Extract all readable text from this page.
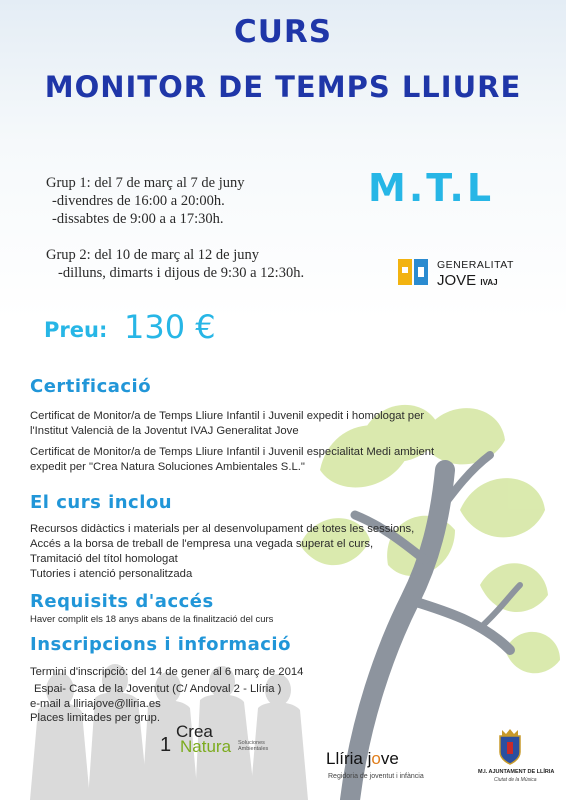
CURS
MONITOR DE TEMPS LLIURE
Grup 1: del 7 de març al 7 de juny
-divendres de 16:00 a 20:00h.
-dissabtes de 9:00 a a 17:30h.
Grup 2: del 10 de març al 12 de juny
-dilluns, dimarts i dijous de 9:30 a 12:30h.
M.T.L
GENERALITAT
JOVE IVAJ
Preu: 130 €
Certificació
Certificat de Monitor/a de Temps Lliure Infantil i Juvenil expedit i homologat per
l'Institut Valencià de la Joventut IVAJ Generalitat Jove
Certificat de Monitor/a de Temps Lliure Infantil i Juvenil especialitat Medi ambient
expedit per "Crea Natura Soluciones Ambientales S.L."
El curs inclou
Recursos didàctics i materials per al desenvolupament de totes les sessions,
Accés a la borsa de treball de l'empresa una vegada superat el curs,
Tramitació del títol homologat
Tutories i atenció personalitzada
Requisits d'accés
Haver complit els 18 anys abans de la finalització del curs
Inscripcions i informació
Termini d'inscripció: del 14 de gener al 6 març de 2014
Espai- Casa de la Joventut (C/ Andoval 2 - Llíria )
e-mail a lliriajove@lliria.es
Places limitades per grup.
1
Crea
Natura Soluciones Ambientales	Llíria jove
Regidoria de joventut i infància
M.I. AJUNTAMENT DE LLÍRIA
Ciutat de la Música
